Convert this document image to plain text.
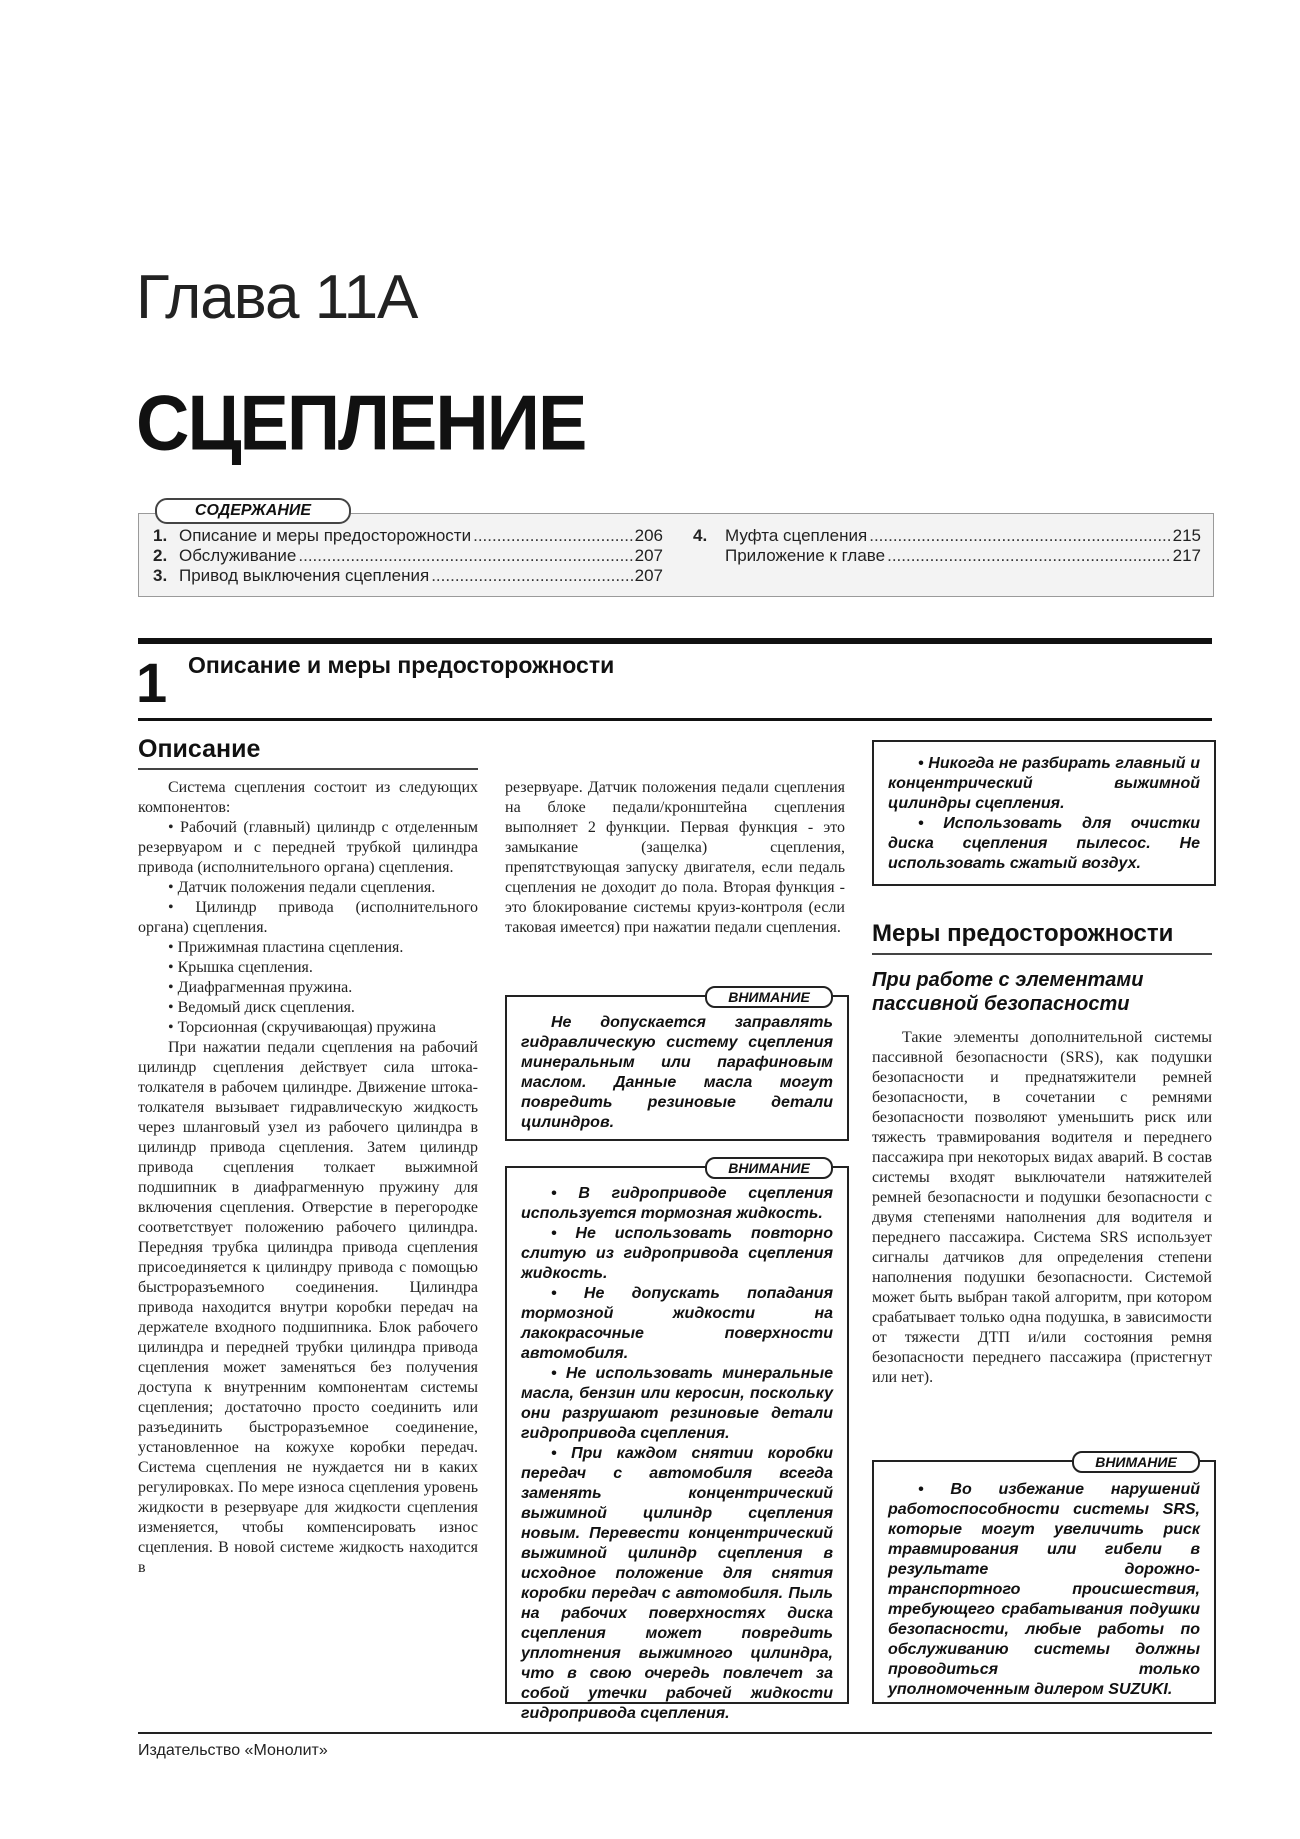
Глава 11А
СЦЕПЛЕНИЕ
1. Описание и меры предосторожности .....	206
2. Обслуживание .....	207
3. Привод выключения сцепления .....	207
4.	Муфта сцепления .....	215
Приложение к главе .....	217
СОДЕРЖАНИЕ
1 Описание и меры предосторожности
Описание

Система сцепления состоит из следующих компонентов:

• Рабочий (главный) цилиндр с отделенным резервуаром и с передней трубкой цилиндра привода (исполнительного органа) сцепления.
• Датчик положения педали сцепления.
• Цилиндр привода (исполнительного органа) сцепления.
• Прижимная пластина сцепления.
• Крышка сцепления.
• Диафрагменная пружина.
• Ведомый диск сцепления.
• Торсионная (скручивающая) пружина

При нажатии педали сцепления на рабочий цилиндр сцепления действует сила штока-толкателя в рабочем цилиндре. Движение штока-толкателя вызывает гидравлическую жидкость через шланговый узел из рабочего цилиндра в цилиндр привода сцепления. Затем цилиндр привода сцепления толкает выжимной подшипник в диафрагменную пружину для включения сцепления. Отверстие в перегородке соответствует положению рабочего цилиндра. Передняя трубка цилиндра привода сцепления присоединяется к цилиндру привода с помощью быстроразъемного соединения. Цилиндра привода находится внутри коробки передач на держателе входного подшипника. Блок рабочего цилиндра и передней трубки цилиндра привода сцепления может заменяться без получения доступа к внутренним компонентам системы сцепления; достаточно просто соединить или разъединить быстроразъемное соединение, установленное на кожухе коробки передач. Система сцепления не нуждается ни в каких регулировках. По мере износа сцепления уровень жидкости в резервуаре для жидкости сцепления изменяется, чтобы компенсировать износ сцепления. В новой системе жидкость находится в

резервуаре. Датчик положения педали сцепления на блоке педали/кронштейна сцепления выполняет 2 функции. Первая функция - это замыкание (защелка) сцепления, препятствующая запуску двигателя, если педаль сцепления не доходит до пола. Вторая функция - это блокирование системы круиз-контроля (если таковая имеется) при нажатии педали сцепления.

Не допускается заправлять гидравлическую систему сцепления минеральным или парафиновым маслом. Данные масла могут повредить резиновые детали цилиндров.

ВНИМАНИЕ

• В гидроприводе сцепления используется тормозная жидкость.

• Не использовать повторно слитую из гидропривода сцепления жидкость.

• Не допускать попадания тормозной жидкости на лакокрасочные поверхности автомобиля.

• Не использовать минеральные масла, бензин или керосин, поскольку они разрушают резиновые детали гидропривода сцепления.

• При каждом снятии коробки передач с автомобиля всегда заменять концентрический выжимной цилиндр сцепления новым. Перевести концентрический выжимной цилиндр сцепления в исходное положение для снятия коробки передач с автомобиля. Пыль на рабочих поверхностях диска сцепления может повредить уплотнения выжимного цилиндра, что в свою очередь повлечет за собой утечки рабочей жидкости гидропривода сцепления.

ВНИМАНИЕ

• Никогда не разбирать главный и концентрический выжимной цилиндры сцепления.

• Использовать для очистки диска сцепления пылесос. Не использовать сжатый воздух.

Меры предосторожности
При работе с элементами пассивной безопасности

Такие элементы дополнительной системы пассивной безопасности (SRS), как подушки безопасности и преднатяжители ремней безопасности, в сочетании с ремнями безопасности позволяют уменьшить риск или тяжесть травмирования водителя и переднего пассажира при некоторых видах аварий. В состав системы входят выключатели натяжителей ремней безопасности и подушки безопасности с двумя степенями наполнения для водителя и переднего пассажира. Система SRS использует сигналы датчиков для определения степени наполнения подушки безопасности. Системой может быть выбран такой алгоритм, при котором срабатывает только одна подушка, в зависимости от тяжести ДТП и/или состояния ремня безопасности переднего пассажира (пристегнут или нет).

• Во избежание нарушений работоспособности системы SRS, которые могут увеличить риск травмирования или гибели в результате дорожно-транспортного происшествия, требующего срабатывания подушки безопасности, любые работы по обслуживанию системы должны проводиться только уполномоченным дилером SUZUKI.

ВНИМАНИЕ
Издательство «Монолит»
